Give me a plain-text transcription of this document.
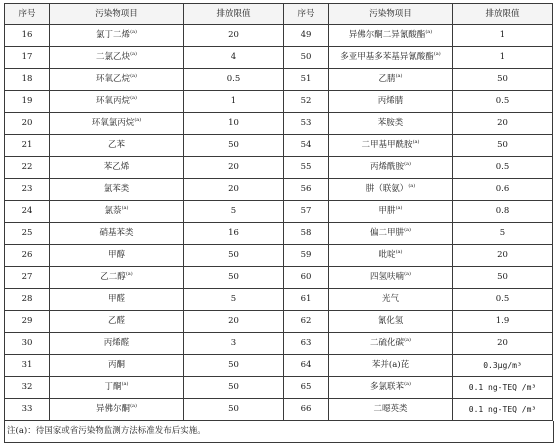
序号	污染物项目	排放限值	序号	污染物项目	排放限值
16	氯丁二烯$^{(a)}$	20	49	异佛尔酮二异氰酸酯$^{(a)}$	1
17	二氯乙炔$^{(a)}$	4	50	多亚甲基多苯基异氰酸酯$^{(a)}$	1
18	环氧乙烷$^{(a)}$	0.5	51	乙腈$^{(a)}$	50
19	环氧丙烷$^{(a)}$	1	52	丙烯腈	0.5
20	环氧氯丙烷$^{(a)}$	10	53	苯胺类	20
21	乙苯	50	54	二甲基甲酰胺$^{(a)}$	50
22	苯乙烯	20	55	丙烯酰胺$^{(a)}$	0.5
23	氯苯类	20	56	肼（联氨）$^{(a)}$	0.6
24	氯萘$^{(a)}$	5	57	甲肼$^{(a)}$	0.8
25	硝基苯类	16	58	偏二甲肼$^{(a)}$	5
26	甲醇	50	59	吡啶$^{(a)}$	20
27	乙二醇$^{(a)}$	50	60	四氢呋喃$^{(a)}$	50
28	甲醛	5	61	光气	0.5
29	乙醛	20	62	氰化氢	1.9
30	丙烯醛	3	63	二硫化碳$^{(a)}$	20
31	丙酮	50	64	苯并(a)芘	0.3μg/m³
32	丁酮$^{(a)}$	50	65	多氯联苯$^{(a)}$	0.1 ng-TEQ /m³
33	异佛尔酮$^{(a)}$	50	66	二噁英类	0.1 ng-TEQ /m³
注(a)：待国家或省污染物监测方法标准发布后实施。
